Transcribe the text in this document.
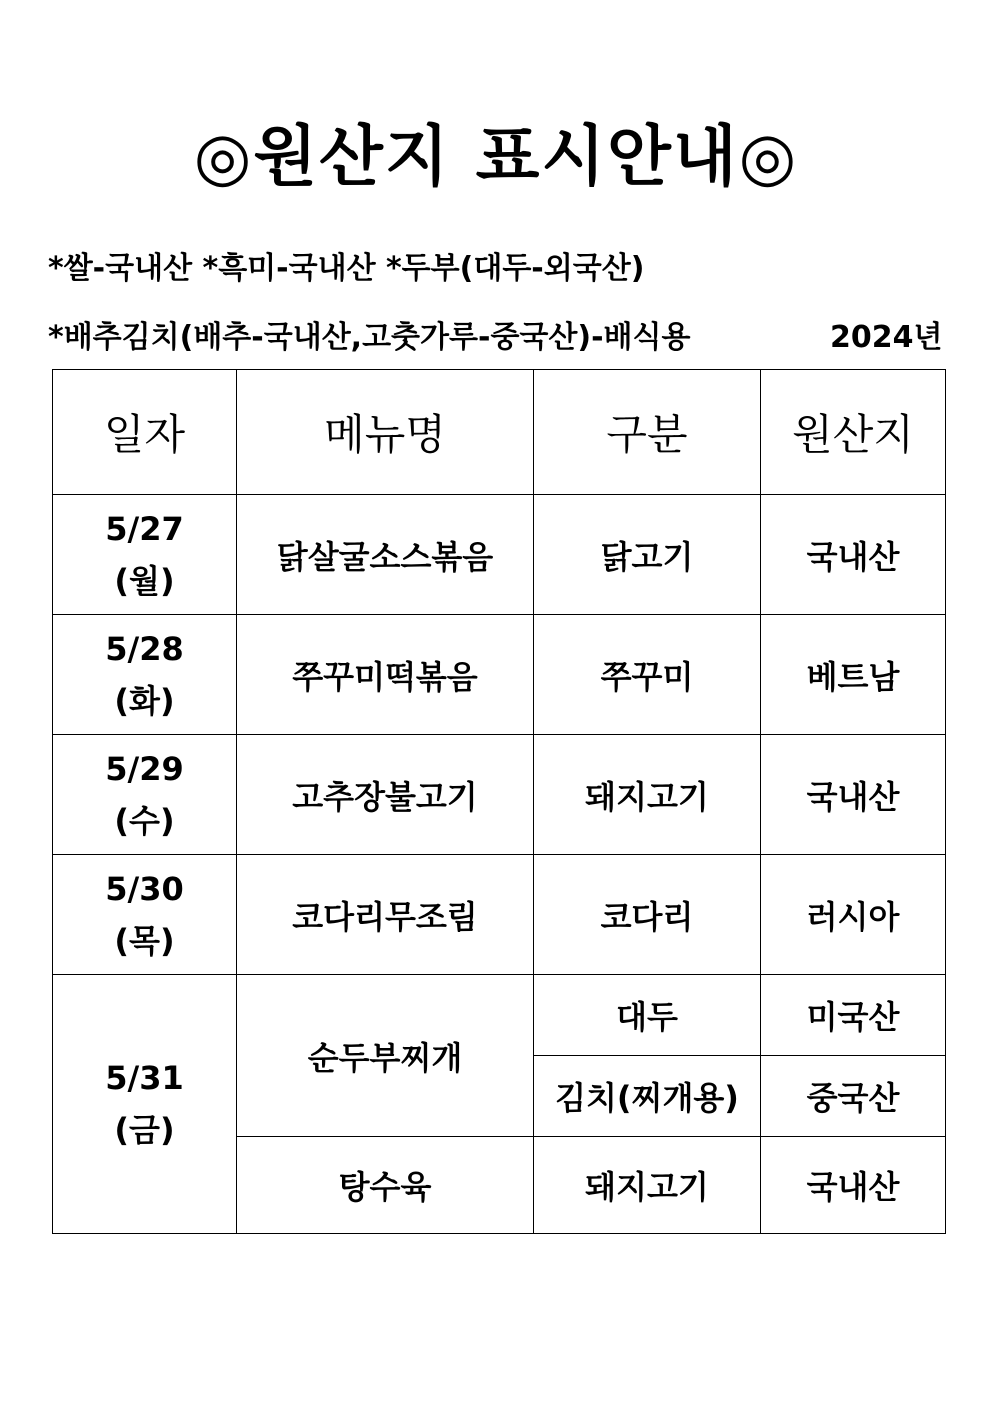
◎원산지 표시안내◎
*쌀-국내산 *흑미-국내산 *두부(대두-외국산)
*배추김치(배추-국내산,고춧가루-중국산)-배식용	2024년
일자	메뉴명	구분	원산지

5/27
(월)	닭살굴소스볶음	닭고기	국내산

5/28
(화)	쭈꾸미떡볶음	쭈꾸미	베트남

5/29
(수)	고추장불고기	돼지고기	국내산

5/30
(목)	코다리무조림	코다리	러시아

5/31
(금)	순두부찌개	대두	미국산
		김치(찌개용)	중국산
	탕수육	돼지고기	국내산
